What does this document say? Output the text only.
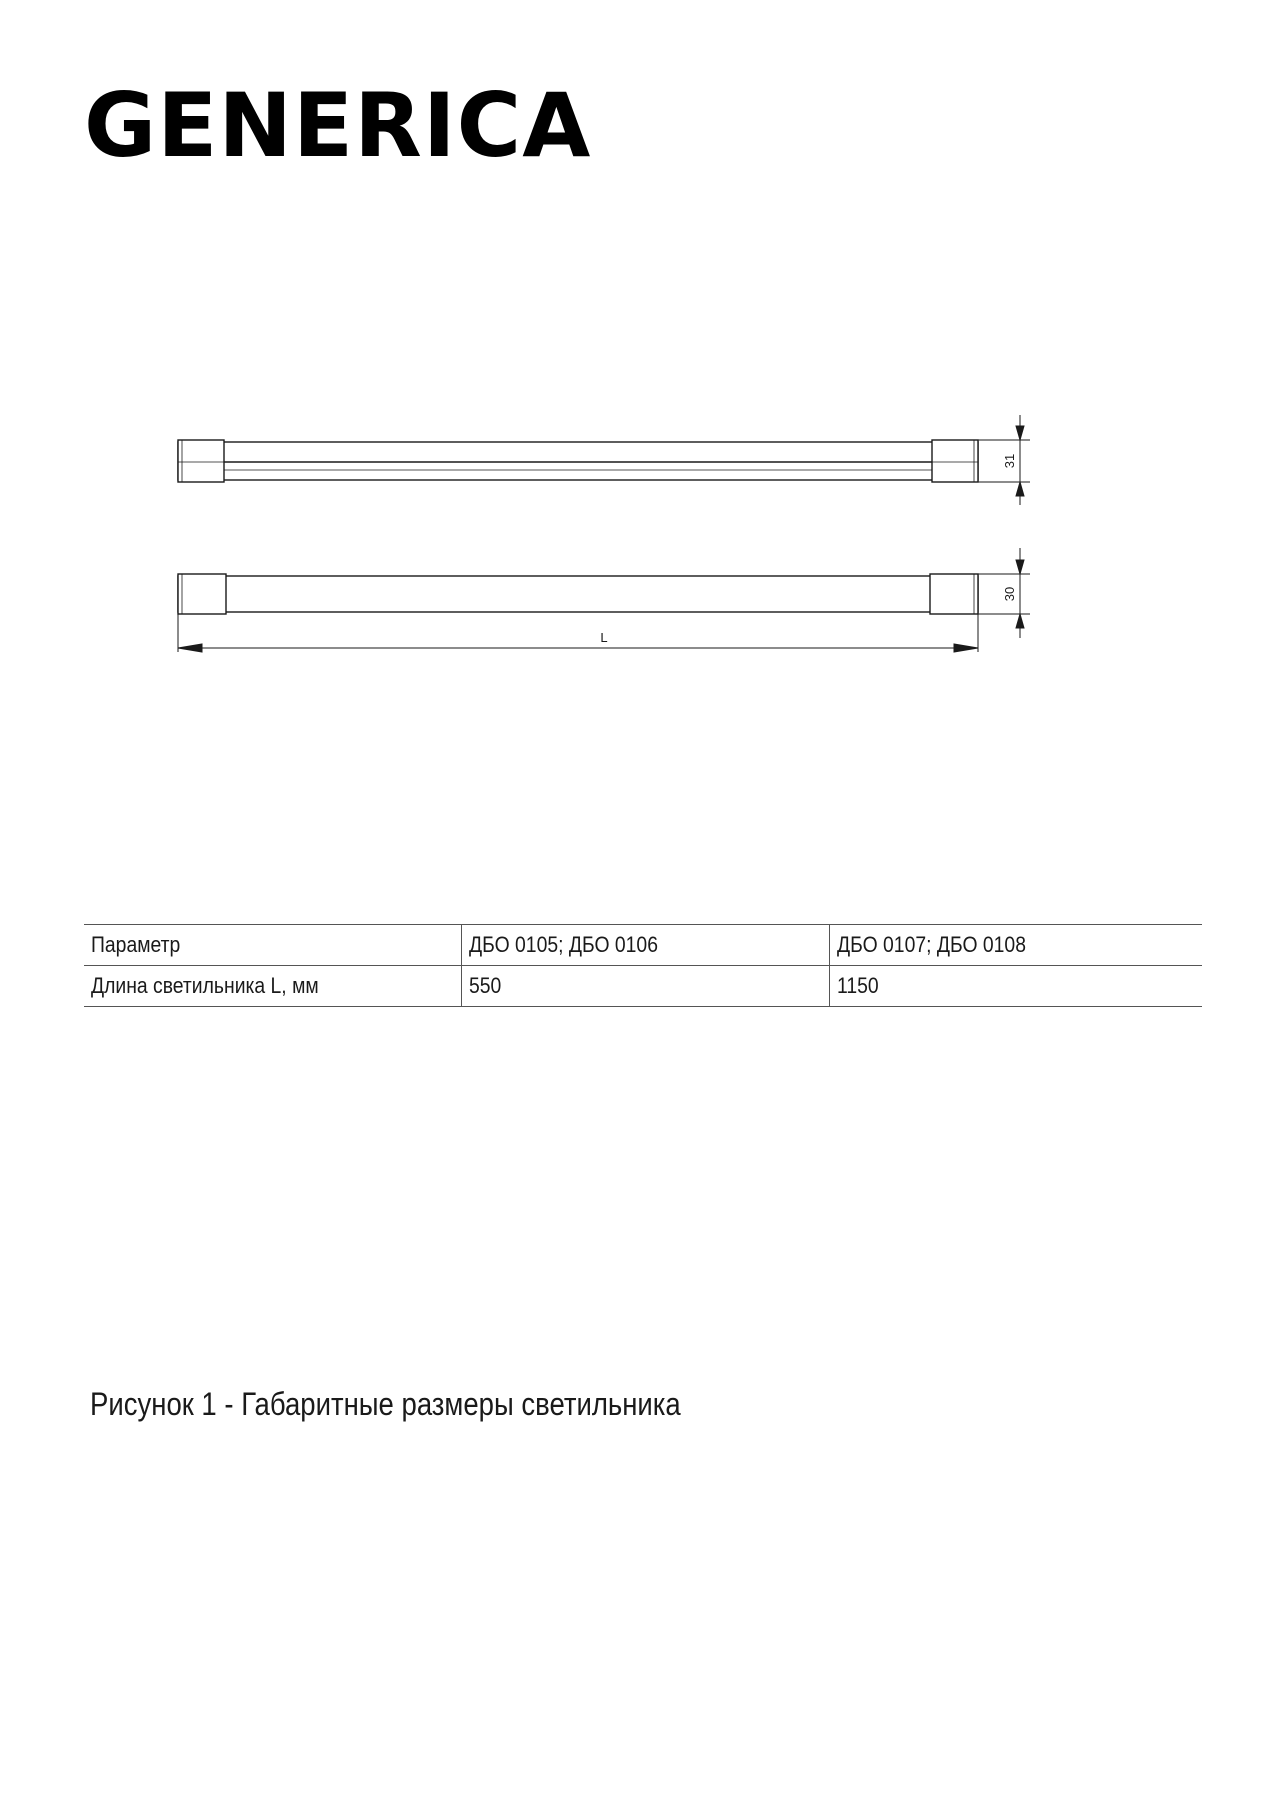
GENERICA
31
30
L
Параметр	ДБО 0105; ДБО 0106	ДБО 0107; ДБО 0108
Длина светильника L, мм	550	1150
Рисунок 1 - Габаритные размеры светильника
